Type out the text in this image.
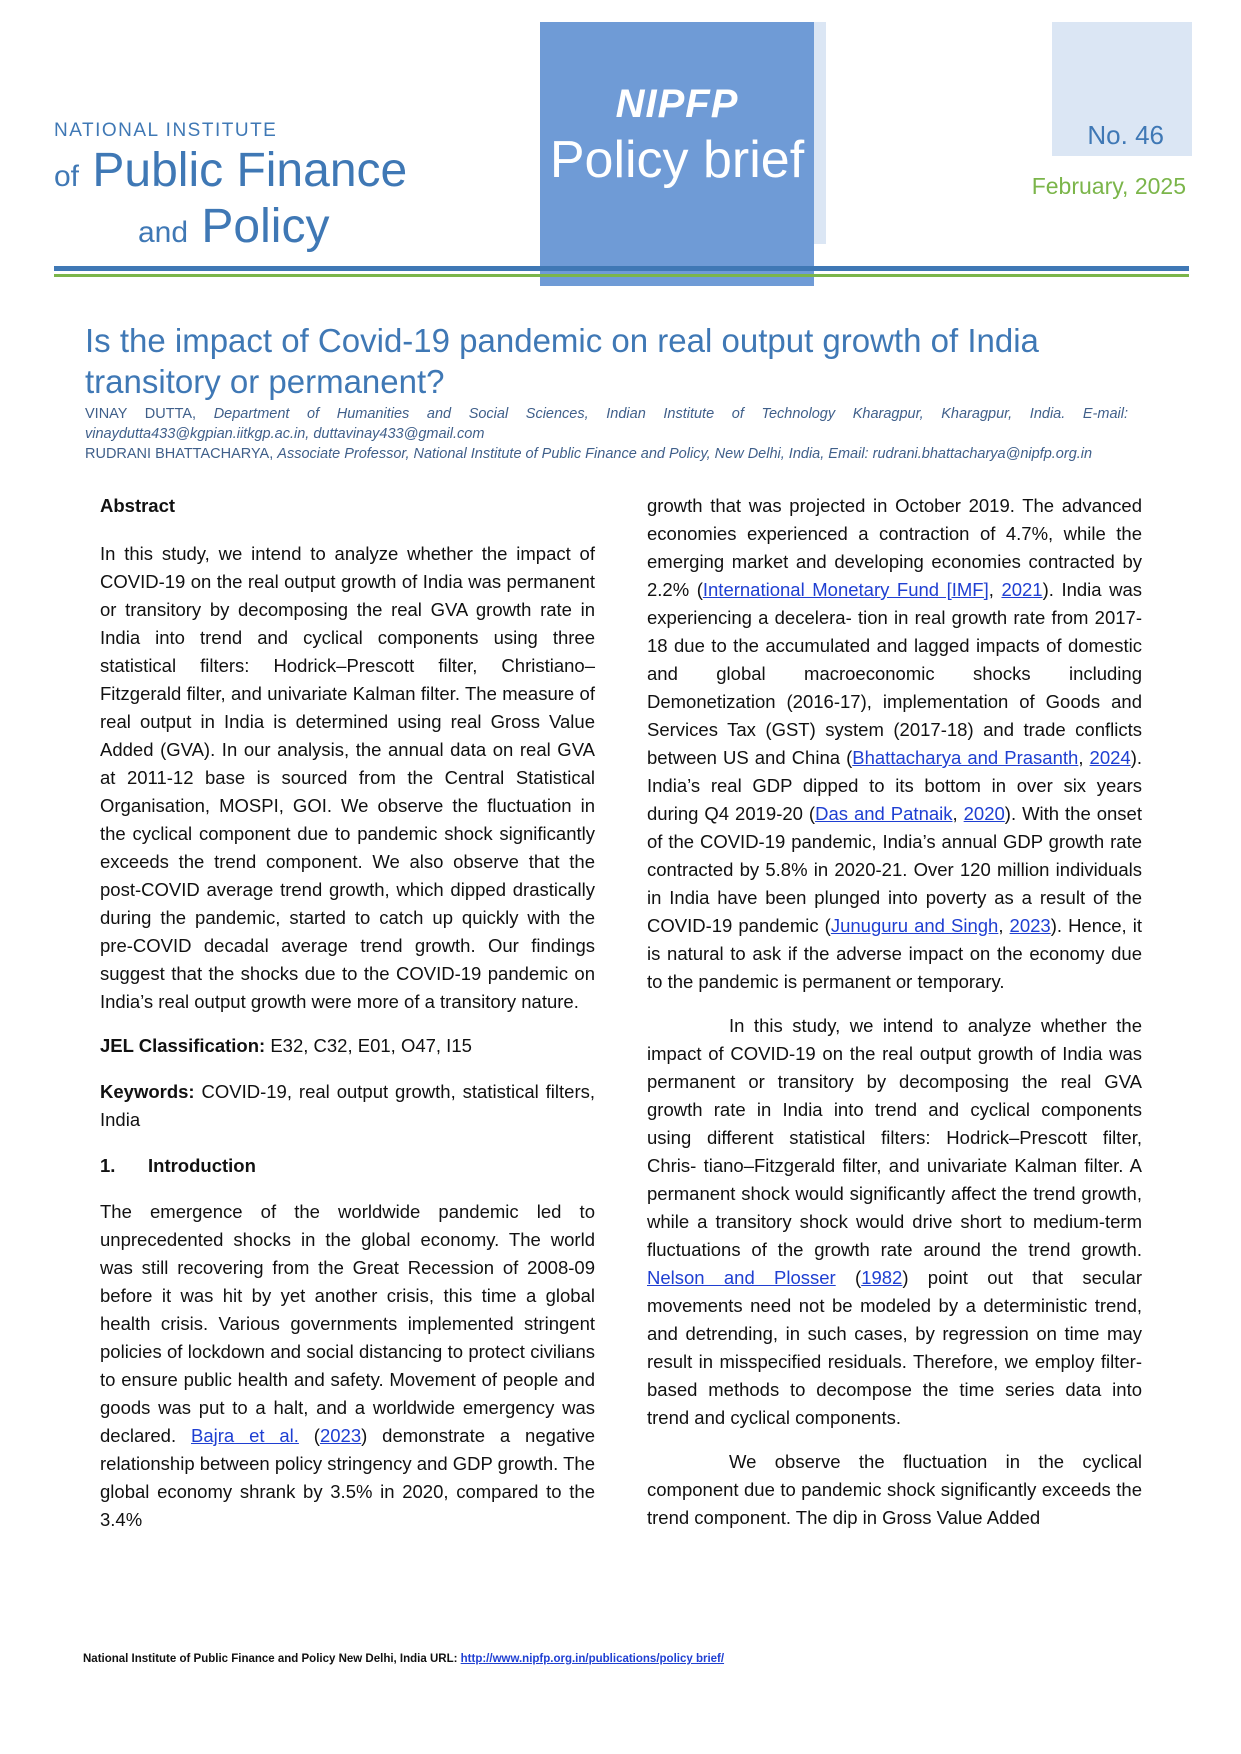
NATIONAL INSTITUTE
of Public Finance
and Policy
NIPFP
Policy brief	No. 46
February, 2025
Is the impact of Covid-19 pandemic on real output growth of India transitory or permanent?
VINAY DUTTA, Department of Humanities and Social Sciences, Indian Institute of Technology Kharagpur, Kharagpur, India. E-mail: vinaydutta433@kgpian.iitkgp.ac.in, duttavinay433@gmail.com
RUDRANI BHATTACHARYA, Associate Professor, National Institute of Public Finance and Policy, New Delhi, India, Email: rudrani.bhattacharya@nipfp.org.in

Abstract

In this study, we intend to analyze whether the impact of COVID-19 on the real output growth of India was permanent or transitory by decomposing the real GVA growth rate in India into trend and cyclical components using three statistical filters: Hodrick–Prescott filter, Christiano–Fitzgerald filter, and univariate Kalman filter. The measure of real output in India is determined using real Gross Value Added (GVA). In our analysis, the annual data on real GVA at 2011-12 base is sourced from the Central Statistical Organisation, MOSPI, GOI. We observe the fluctuation in the cyclical component due to pandemic shock significantly exceeds the trend component. We also observe that the post-COVID average trend growth, which dipped drastically during the pandemic, started to catch up quickly with the pre-COVID decadal average trend growth. Our findings suggest that the shocks due to the COVID-19 pandemic on India’s real output growth were more of a transitory nature.

JEL Classification: E32, C32, E01, O47, I15

Keywords: COVID-19, real output growth, statistical filters, India

1.	Introduction

The emergence of the worldwide pandemic led to unprecedented shocks in the global economy. The world was still recovering from the Great Recession of 2008-09 before it was hit by yet another crisis, this time a global health crisis. Various governments implemented stringent policies of lockdown and social distancing to protect civilians to ensure public health and safety. Movement of people and goods was put to a halt, and a worldwide emergency was declared. Bajra et al. (2023) demonstrate a negative relationship between policy stringency and GDP growth. The global economy shrank by 3.5% in 2020, compared to the 3.4%

growth that was projected in October 2019. The advanced economies experienced a contraction of 4.7%, while the emerging market and developing economies contracted by 2.2% (International Monetary Fund [IMF], 2021). India was experiencing a decelera- tion in real growth rate from 2017-18 due to the accumulated and lagged impacts of domestic and global macroeconomic shocks including Demonetization (2016-17), implementation of Goods and Services Tax (GST) system (2017-18) and trade conflicts between US and China (Bhattacharya and Prasanth, 2024). India’s real GDP dipped to its bottom in over six years during Q4 2019-20 (Das and Patnaik, 2020). With the onset of the COVID-19 pandemic, India’s annual GDP growth rate contracted by 5.8% in 2020-21. Over 120 million individuals in India have been plunged into poverty as a result of the COVID-19 pandemic (Junuguru and Singh, 2023). Hence, it is natural to ask if the adverse impact on the economy due to the pandemic is permanent or temporary.

In this study, we intend to analyze whether the impact of COVID-19 on the real output growth of India was permanent or transitory by decomposing the real GVA growth rate in India into trend and cyclical components using different statistical filters: Hodrick–Prescott filter, Chris- tiano–Fitzgerald filter, and univariate Kalman filter. A permanent shock would significantly affect the trend growth, while a transitory shock would drive short to medium-term fluctuations of the growth rate around the trend growth. Nelson and Plosser (1982) point out that secular movements need not be modeled by a deterministic trend, and detrending, in such cases, by regression on time may result in misspecified residuals. Therefore, we employ filter-based methods to decompose the time series data into trend and cyclical components.

We observe the fluctuation in the cyclical component due to pandemic shock significantly exceeds the trend component. The dip in Gross Value Added

National Institute of Public Finance and Policy New Delhi, India URL: http://www.nipfp.org.in/publications/policy brief/
